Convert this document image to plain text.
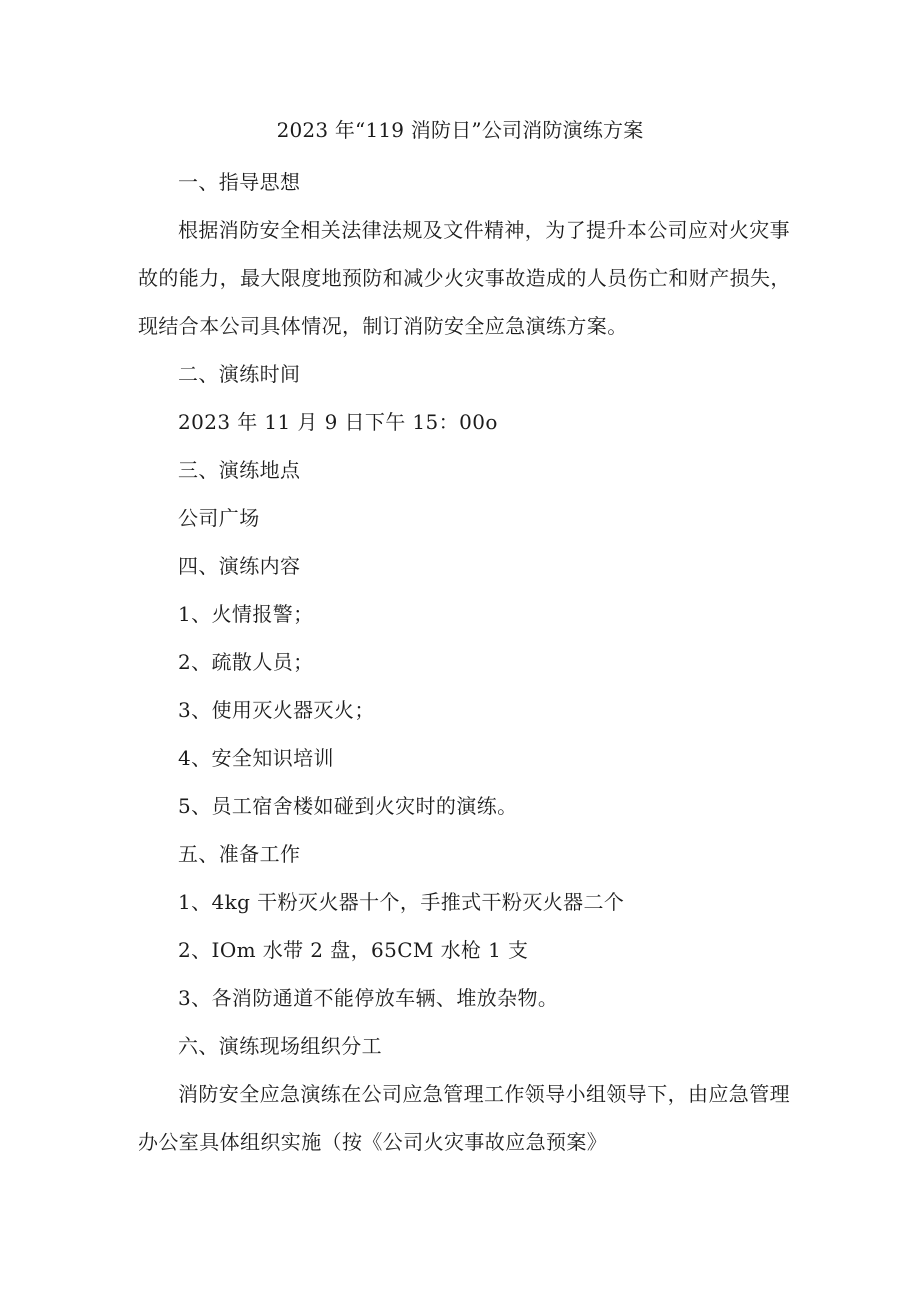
2023 年“119 消防日”公司消防演练方案
一、指导思想
根据消防安全相关法律法规及文件精神，为了提升本公司应对火灾事
故的能力，最大限度地预防和减少火灾事故造成的人员伤亡和财产损失，
现结合本公司具体情况，制订消防安全应急演练方案。
二、演练时间
2023 年 11 月 9 日下午 15：00o
三、演练地点
公司广场
四、演练内容
1、火情报警；
2、疏散人员；
3、使用灭火器灭火；
4、安全知识培训
5、员工宿舍楼如碰到火灾时的演练。
五、准备工作
1、4kg 干粉灭火器十个，手推式干粉灭火器二个
2、IOm 水带 2 盘，65CM 水枪 1 支
3、各消防通道不能停放车辆、堆放杂物。
六、演练现场组织分工
消防安全应急演练在公司应急管理工作领导小组领导下，由应急管理
办公室具体组织实施（按《公司火灾事故应急预案》
